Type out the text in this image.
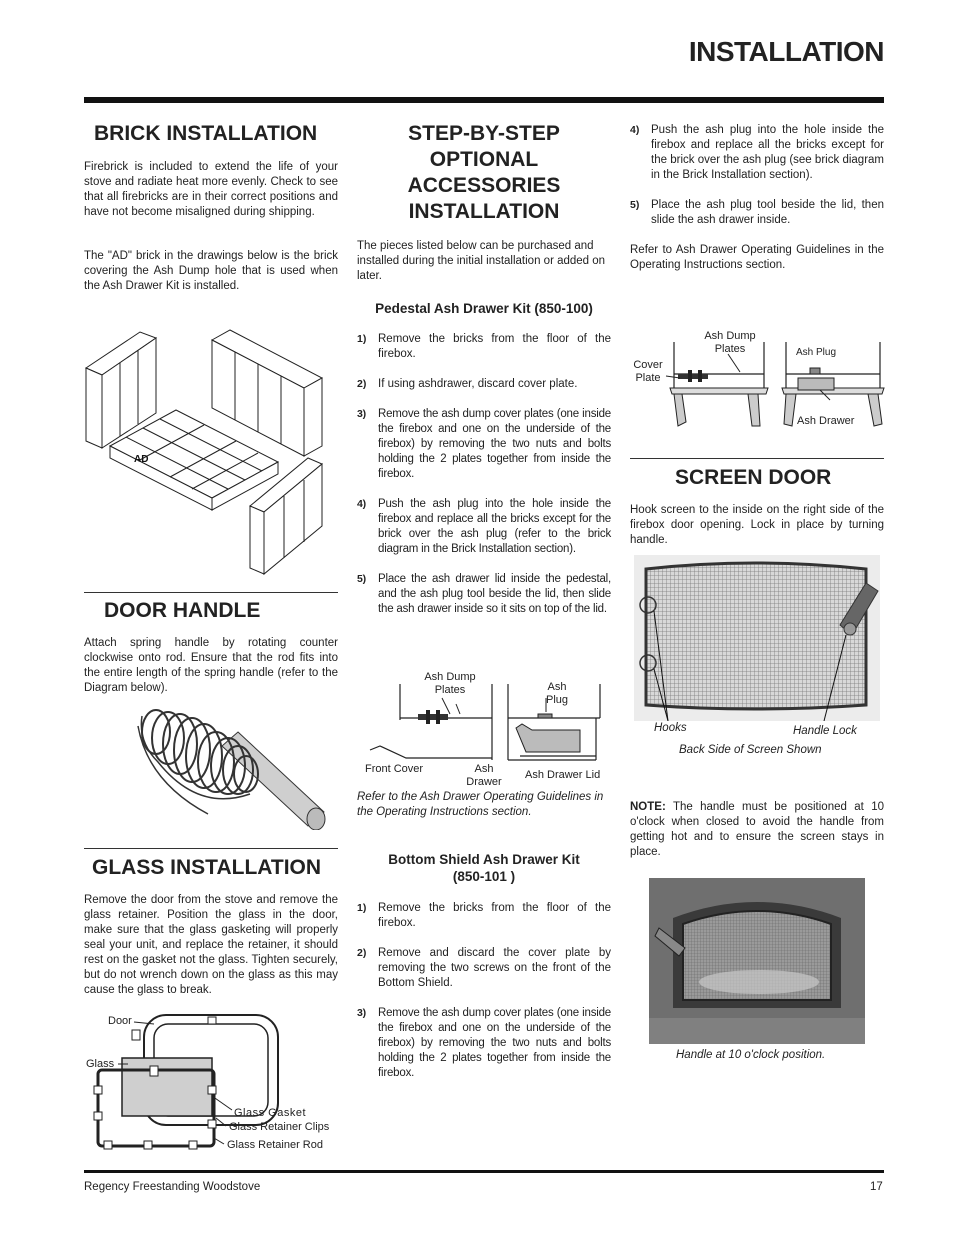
INSTALLATION
BRICK INSTALLATION
Firebrick is included to extend the life of your stove and radiate heat more evenly. Check to see that all firebricks are in their correct positions and have not become misaligned during shipping.
The "AD" brick in the drawings below is the brick covering the Ash Dump hole that is used when the Ash Drawer Kit is installed.
AD
DOOR HANDLE
Attach spring handle by rotating counter clockwise onto rod. Ensure that the rod fits into the entire length of the spring handle (refer to the Diagram below).
GLASS INSTALLATION
Remove the door from the stove and remove the glass retainer. Position the glass in the door, make sure that the glass gasketing will properly seal your unit, and replace the retainer, it should rest on the gasket not the glass. Tighten securely, but do not wrench down on the glass as this may cause the glass to break.
Door
Glass
Glass Gasket
Glass Retainer Clips
Glass Retainer Rod
STEP-BY-STEP
OPTIONAL
ACCESSORIES
INSTALLATION
The pieces listed below can be purchased and installed during the initial installation or added on later.
Pedestal Ash Drawer Kit (850-100)
1) Remove the bricks from the floor of the firebox.
2) If using ashdrawer, discard cover plate.
3) Remove the ash dump cover plates (one inside the firebox and one on the underside of the firebox) by removing the two nuts and bolts holding the 2 plates together from inside the firebox.
4) Push the ash plug into the hole inside the firebox and replace all the bricks except for the brick over the ash plug (refer to the brick diagram in the Brick Installation section).
5) Place the ash drawer lid inside the pedestal, and the ash plug tool beside the lid, then slide the ash drawer inside so it sits on top of the lid.
Ash Dump Plates	Ash Plug
Front Cover	Ash Drawer
Ash Drawer Lid
Refer to the Ash Drawer Operating Guidelines in the Operating Instructions section.
Bottom Shield Ash Drawer Kit
(850-101 )
1) Remove the bricks from the floor of the firebox.
2) Remove and discard the cover plate by removing the two screws on the front of the Bottom Shield.
3) Remove the ash dump cover plates (one inside the firebox and one on the underside of the firebox) by removing the two nuts and bolts holding the 2 plates together from inside the firebox.
4) Push the ash plug into the hole inside the firebox and replace all the bricks except for the brick over the ash plug (see brick diagram in the Brick Installation section).
5) Place the ash plug tool beside the lid, then slide the ash drawer inside.
Refer to Ash Drawer Operating Guidelines in the Operating Instructions section.
Cover Plate
Ash Dump Plates	Ash Plug
Ash Drawer
SCREEN DOOR
Hook screen to the inside on the right side of the firebox door opening. Lock in place by turning handle.
Hooks	Handle Lock
Back Side of Screen Shown
NOTE: The handle must be positioned at 10 o'clock when closed to avoid the handle from getting hot and to ensure the screen stays in place.
Handle at 10 o'clock position.
Regency Freestanding Woodstove	17
